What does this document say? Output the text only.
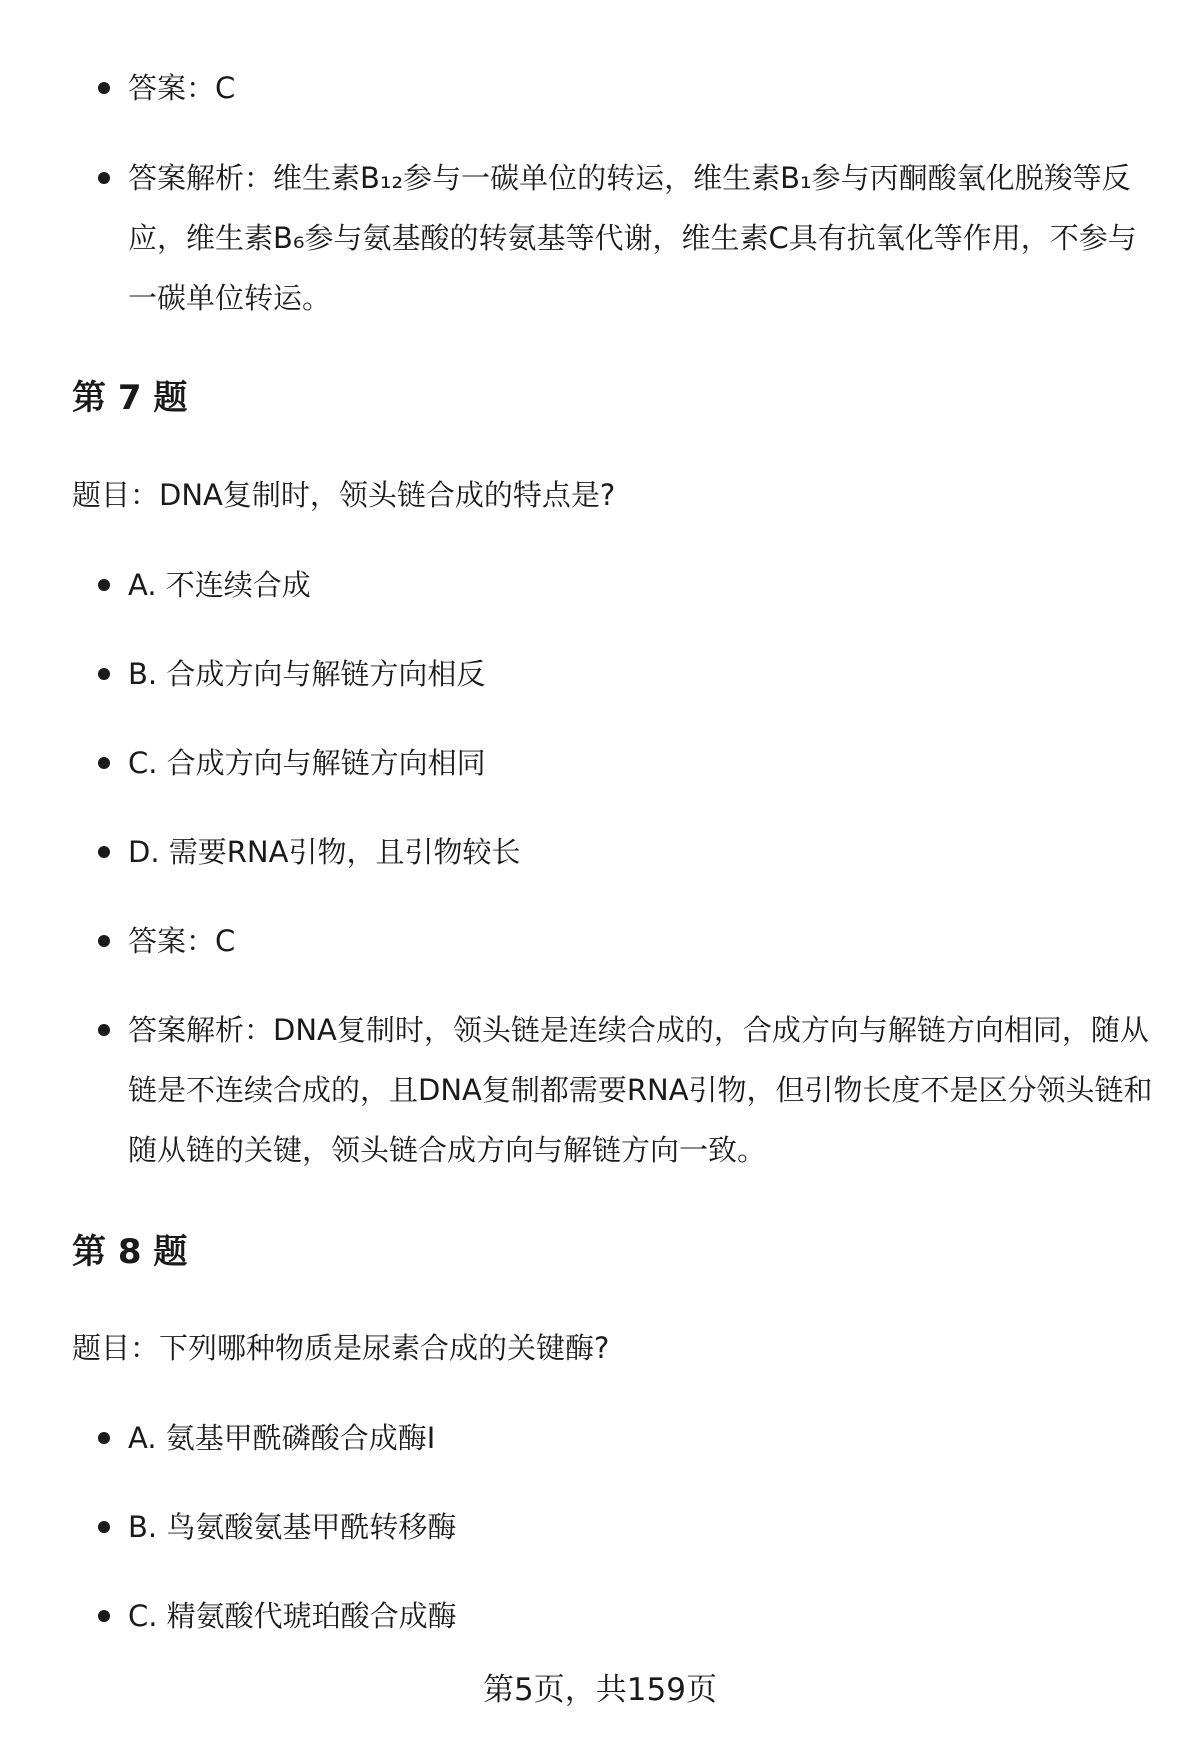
答案：C
答案解析：维生素B₁₂参与一碳单位的转运，维生素B₁参与丙酮酸氧化脱羧等反应，维生素B₆参与氨基酸的转氨基等代谢，维生素C具有抗氧化等作用，不参与一碳单位转运。
第 7 题
题目：DNA复制时，领头链合成的特点是?
A. 不连续合成
B. 合成方向与解链方向相反
C. 合成方向与解链方向相同
D. 需要RNA引物，且引物较长
答案：C
答案解析：DNA复制时，领头链是连续合成的，合成方向与解链方向相同，随从链是不连续合成的，且DNA复制都需要RNA引物，但引物长度不是区分领头链和随从链的关键，领头链合成方向与解链方向一致。
第 8 题
题目：下列哪种物质是尿素合成的关键酶?
A. 氨基甲酰磷酸合成酶Ⅰ
B. 鸟氨酸氨基甲酰转移酶
C. 精氨酸代琥珀酸合成酶
第5页，共159页
